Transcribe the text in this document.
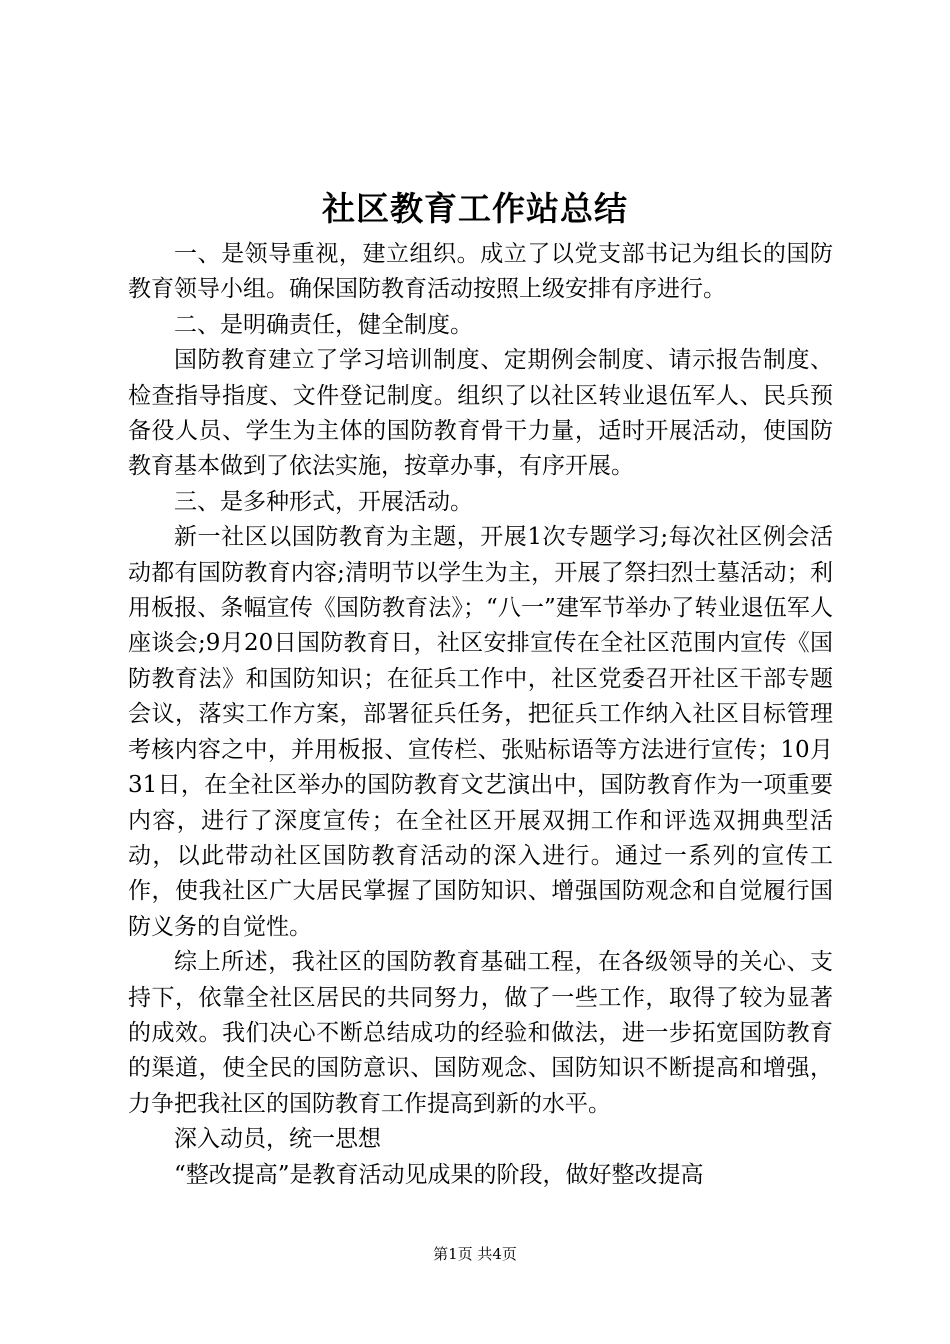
社区教育工作站总结

一、是领导重视，建立组织。成立了以党支部书记为组长的国防教育领导小组。确保国防教育活动按照上级安排有序进行。

二、是明确责任，健全制度。

国防教育建立了学习培训制度、定期例会制度、请示报告制度、检查指导指度、文件登记制度。组织了以社区转业退伍军人、民兵预备役人员、学生为主体的国防教育骨干力量，适时开展活动，使国防教育基本做到了依法实施，按章办事，有序开展。

三、是多种形式，开展活动。

新一社区以国防教育为主题，开展1次专题学习;每次社区例会活动都有国防教育内容;清明节以学生为主，开展了祭扫烈士墓活动；利用板报、条幅宣传《国防教育法》；“八一”建军节举办了转业退伍军人座谈会;9月20日国防教育日，社区安排宣传在全社区范围内宣传《国防教育法》和国防知识；在征兵工作中，社区党委召开社区干部专题会议，落实工作方案，部署征兵任务，把征兵工作纳入社区目标管理考核内容之中，并用板报、宣传栏、张贴标语等方法进行宣传；10月31日，在全社区举办的国防教育文艺演出中，国防教育作为一项重要内容，进行了深度宣传；在全社区开展双拥工作和评选双拥典型活动，以此带动社区国防教育活动的深入进行。通过一系列的宣传工作，使我社区广大居民掌握了国防知识、增强国防观念和自觉履行国防义务的自觉性。

综上所述，我社区的国防教育基础工程，在各级领导的关心、支持下，依靠全社区居民的共同努力，做了一些工作，取得了较为显著的成效。我们决心不断总结成功的经验和做法，进一步拓宽国防教育的渠道，使全民的国防意识、国防观念、国防知识不断提高和增强，力争把我社区的国防教育工作提高到新的水平。

深入动员，统一思想

“整改提高”是教育活动见成果的阶段，做好整改提高

第1页 共4页
